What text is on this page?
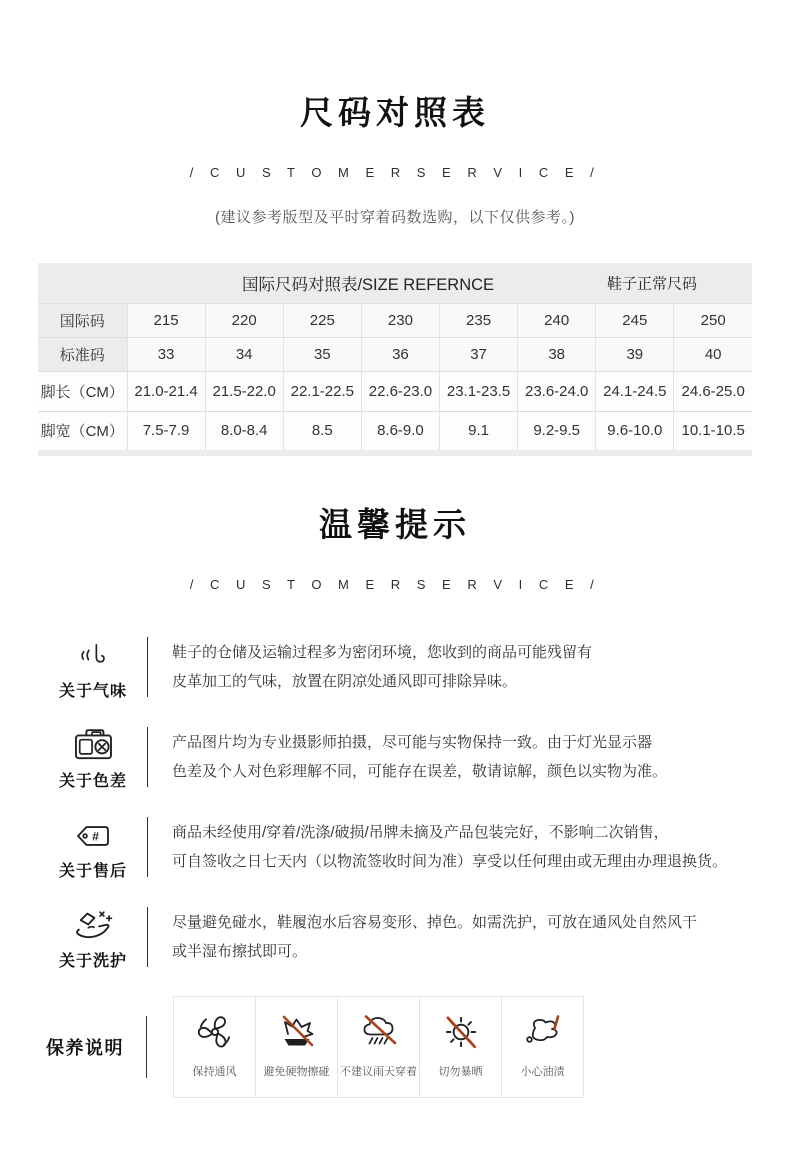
尺码对照表
/ C U S T O M E R S E R V I C E /
(建议参考版型及平时穿着码数选购，以下仅供参考。)
国际尺码对照表/SIZE REFERNCE	鞋子正常尺码
国际码	215	220	225	230	235	240	245	250
标准码	33	34	35	36	37	38	39	40
脚长（CM）	21.0-21.4	21.5-22.0	22.1-22.5	22.6-23.0	23.1-23.5	23.6-24.0	24.1-24.5	24.6-25.0
脚宽（CM）	7.5-7.9	8.0-8.4	8.5	8.6-9.0	9.1	9.2-9.5	9.6-10.0	10.1-10.5
温馨提示
/ C U S T O M E R S E R V I C E /
关于气味

鞋子的仓储及运输过程多为密闭环境，您收到的商品可能残留有

皮革加工的气味，放置在阴凉处通风即可排除异味。

关于色差

产品图片均为专业摄影师拍摄，尽可能与实物保持一致。由于灯光显示器

色差及个人对色彩理解不同，可能存在误差，敬请谅解，颜色以实物为准。

#
关于售后

商品未经使用/穿着/洗涤/破损/吊牌未摘及产品包装完好，不影响二次销售，

可自签收之日七天内（以物流签收时间为准）享受以任何理由或无理由办理退换货。

关于洗护

尽量避免碰水，鞋履泡水后容易变形、掉色。如需洗护，可放在通风处自然风干

或半湿布擦拭即可。

保养说明
保持通风 避免硬物擦碰 不建议雨天穿着 切勿暴晒	小心油渍
